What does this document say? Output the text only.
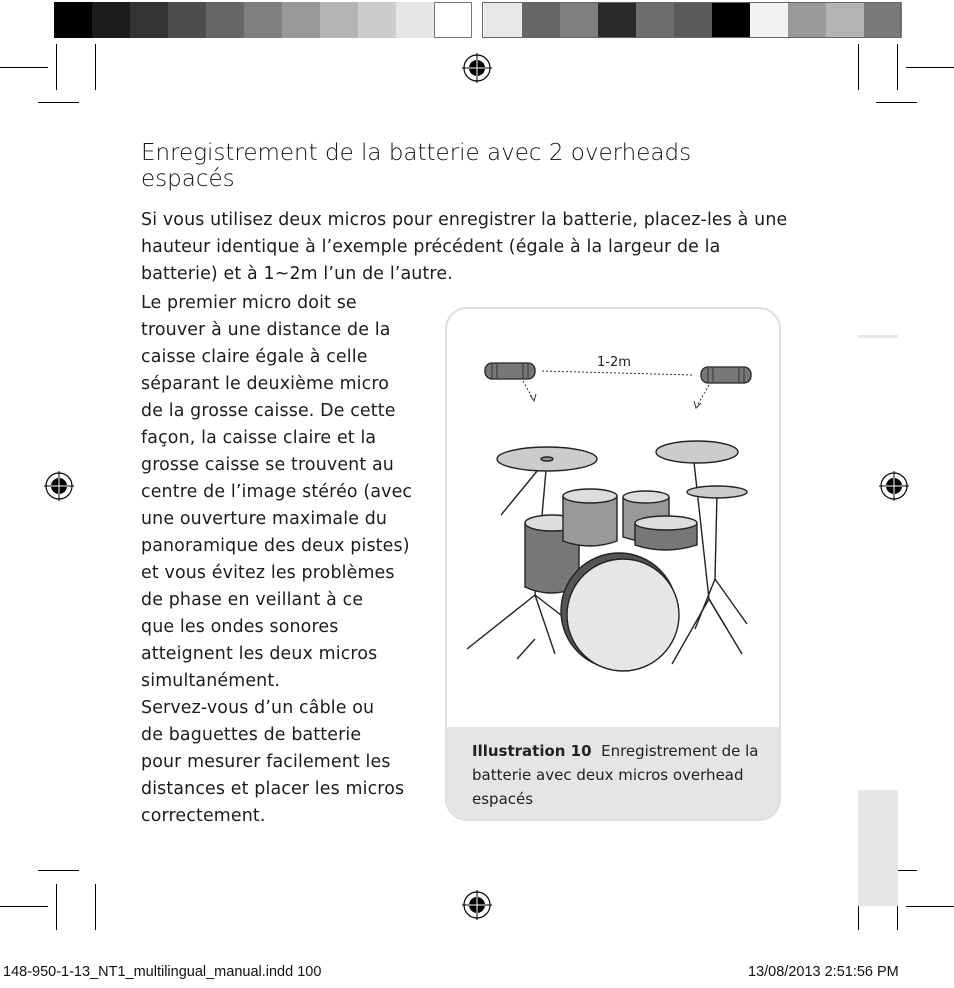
Enregistrement de la batterie avec 2 overheads espacés
Si vous utilisez deux micros pour enregistrer la batterie, placez-les à une hauteur identique à l’exemple précédent (égale à la largeur de la batterie) et à 1~2m l’un de l’autre.

Le premier micro doit se

trouver à une distance de la

caisse claire égale à celle

séparant le deuxième micro

de la grosse caisse. De cette

façon, la caisse claire et la

grosse caisse se trouvent au

centre de l’image stéréo (avec

une ouverture maximale du

panoramique des deux pistes)

et vous évitez les problèmes

de phase en veillant à ce

que les ondes sonores

atteignent les deux micros

simultanément.

Servez-vous d’un câble ou

de baguettes de batterie

pour mesurer facilement les

distances et placer les micros

correctement.

1-2m
Illustration 10 Enregistrement de la batterie avec deux micros overhead espacés
148-950-1-13_NT1_multilingual_manual.indd 100	13/08/2013 2:51:56 PM
